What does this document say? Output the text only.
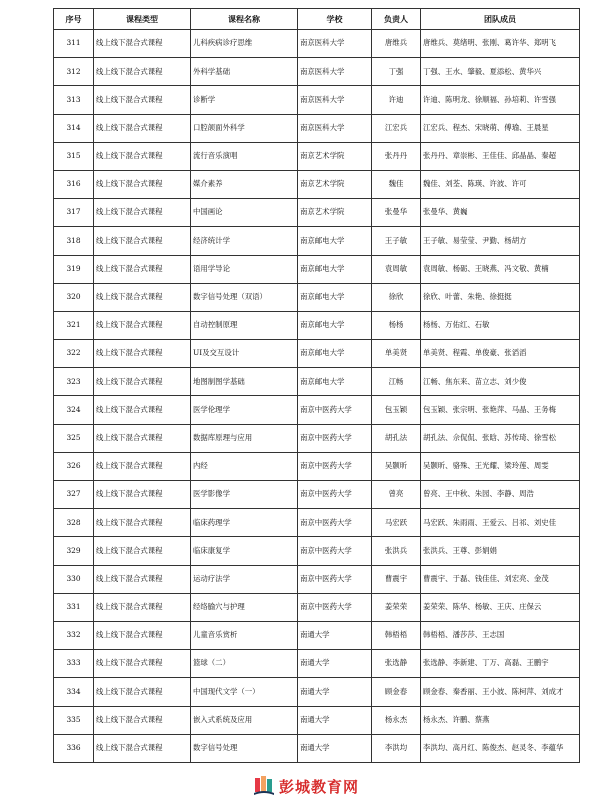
序号	课程类型	课程名称	学校	负责人	团队成员
311	线上线下混合式课程	儿科疾病诊疗思维	南京医科大学	唐维兵	唐维兵、莫绪明、张刚、葛许华、郑明飞
312	线上线下混合式课程	外科学基础	南京医科大学	丁强	丁强、王水、肇毅、夏添松、黄华兴
313	线上线下混合式课程	诊断学	南京医科大学	许迪	许迪、陈明龙、徐顺福、孙培莉、许雪强
314	线上线下混合式课程	口腔颌面外科学	南京医科大学	江宏兵	江宏兵、程杰、宋晓萌、傅瑜、王晨星
315	线上线下混合式课程	流行音乐演唱	南京艺术学院	张丹丹	张丹丹、章崇彬、王佳佳、邱晶晶、秦超
316	线上线下混合式课程	媒介素养	南京艺术学院	魏佳	魏佳、刘荃、陈瑛、许波、许可
317	线上线下混合式课程	中国画论	南京艺术学院	张曼华	张曼华、黄巍
318	线上线下混合式课程	经济统计学	南京邮电大学	王子敏	王子敏、易莹莹、尹勤、杨胡方
319	线上线下混合式课程	语用学导论	南京邮电大学	袁周敏	袁周敏、杨砺、王晓燕、冯文敬、黄楠
320	线上线下混合式课程	数字信号处理（双语）	南京邮电大学	徐欣	徐欣、叶蕾、朱艳、徐挺挺
321	线上线下混合式课程	自动控制原理	南京邮电大学	杨杨	杨杨、万佑红、石敏
322	线上线下混合式课程	UI及交互设计	南京邮电大学	单美贤	单美贤、程霞、单俊豪、张滔滔
323	线上线下混合式课程	地图制图学基础	南京邮电大学	江畅	江畅、焦东来、苗立志、刘少俊
324	线上线下混合式课程	医学伦理学	南京中医药大学	包玉颖	包玉颖、张宗明、张艳萍、马晶、王务梅
325	线上线下混合式课程	数据库原理与应用	南京中医药大学	胡孔法	胡孔法、佘侃侃、张晗、苏传琦、徐雪松
326	线上线下混合式课程	内经	南京中医药大学	吴颢昕	吴颢昕、骆殊、王光耀、梁玲莲、周雯
327	线上线下混合式课程	医学影像学	南京中医药大学	曾亮	曾亮、王中秋、朱园、李静、周浩
328	线上线下混合式课程	临床药理学	南京中医药大学	马宏跃	马宏跃、朱雨雨、王爱云、吕祁、刘史佳
329	线上线下混合式课程	临床康复学	南京中医药大学	张洪兵	张洪兵、王尊、彭娟娟
330	线上线下混合式课程	运动疗法学	南京中医药大学	曹震宇	曹震宇、于磊、钱佳佳、刘宏亮、金茂
331	线上线下混合式课程	经络腧穴与护理	南京中医药大学	姜荣荣	姜荣荣、陈华、杨敏、王庆、庄保云
332	线上线下混合式课程	儿童音乐赏析	南通大学	韩梧梧	韩梧梧、潘莎莎、王志国
333	线上线下混合式课程	篮球（二）	南通大学	张选静	张选静、李新建、丁万、高磊、王鹏宇
334	线上线下混合式课程	中国现代文学（一）	南通大学	顾金春	顾金春、秦香丽、王小波、陈柯萍、刘成才
335	线上线下混合式课程	嵌入式系统及应用	南通大学	杨永杰	杨永杰、许鹏、蔡燕
336	线上线下混合式课程	数字信号处理	南通大学	李洪均	李洪均、高月红、陈俊杰、赵灵冬、李蕴华
彭城教育网
